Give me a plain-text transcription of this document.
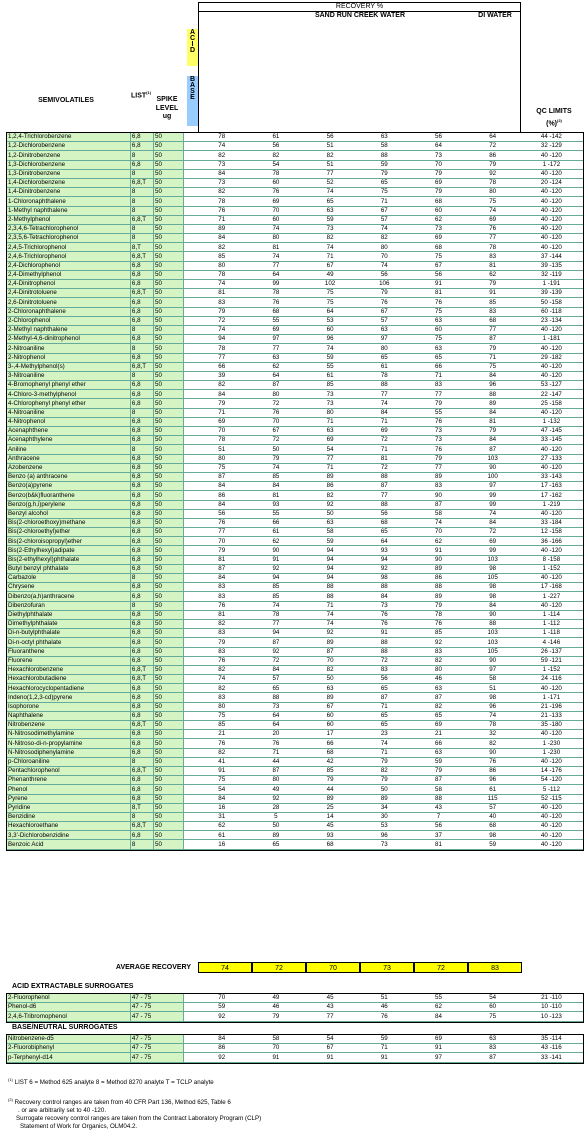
RECOVERY %
SAND RUN CREEK WATER	DI WATER
ACID
BASE
SEMIVOLATILES
LIST$^{(1)}$
SPIKE
LEVEL
ug
QC LIMITS
(%)$^{(2)}$
1,2,4-Trichlorobenzene	6,8	50		78	61	56	63	56	64	44 -142
1,2-Dichlorobenzene	6,8	50		74	56	51	58	64	72	32 -129
1,2-Dinitrobenzene	8	50		82	82	82	88	73	86	40 -120
1,3-Dichlorobenzene	6,8	50		73	54	51	59	70	79	1 -172
1,3-Dinitrobenzene	8	50		84	78	77	79	79	92	40 -120
1,4-Dichlorobenzene	6,8,T	50		73	60	52	65	69	78	20 -124
1,4-Dinitrobenzene	8	50		82	76	74	75	79	80	40 -120
1-Chloronaphthalene	8	50		78	69	65	71	68	75	40 -120
1-Methyl naphthalene	8	50		76	70	63	67	60	74	40 -120
2-Methylphenol	6,8,T	50		71	60	59	57	62	69	40 -120
2,3,4,6-Tetrachlorophenol	8	50		89	74	73	74	73	76	40 -120
2,3,5,6-Tetrachlorophenol	8	50		84	80	82	82	69	77	40 -120
2,4,5-Trichlorophenol	8,T	50		82	81	74	80	68	78	40 -120
2,4,6-Trichlorophenol	6,8,T	50		85	74	71	70	75	83	37 -144
2,4-Dichlorophenol	6,8	50		80	77	67	74	67	81	39 -135
2,4-Dimethylphenol	6,8	50		78	64	49	56	56	62	32 -119
2,4-Dinitrophenol	6,8	50		74	99	102	106	91	79	1 -191
2,4-Dinitrotoluene	6,8,T	50		81	78	75	79	81	91	39 -139
2,6-Dinitrotoluene	6,8	50		83	76	75	76	76	85	50 -158
2-Chloronaphthalene	6,8	50		79	68	64	67	75	83	60 -118
2-Chlorophenol	6,8	50		72	55	53	57	63	68	23 -134
2-Methyl naphthalene	8	50		74	69	60	63	60	77	40 -120
2-Methyl-4,6-dinitrophenol	6,8	50		94	97	96	97	75	87	1 -181
2-Nitroaniline	8	50		78	77	74	80	63	79	40 -120
2-Nitrophenol	6,8	50		77	63	59	65	65	71	29 -182
3-,4-Methylphenol(s)	6,8,T	50		66	62	55	61	66	75	40 -120
3-Nitroaniline	8	50		39	64	61	78	71	84	40 -120
4-Bromophenyl phenyl ether	6,8	50		82	87	85	88	83	96	53 -127
4-Chloro-3-methylphenol	6,8	50		84	80	73	77	77	88	22 -147
4-Chlorophenyl phenyl ether	6,8	50		79	72	73	74	79	89	25 -158
4-Nitroaniline	8	50		71	76	80	84	55	84	40 -120
4-Nitrophenol	6,8	50		69	70	71	71	76	81	1 -132
Acenaphthene	6,8	50		70	67	63	69	73	79	47 -145
Acenaphthylene	6,8	50		78	72	69	72	73	84	33 -145
Aniline	8	50		51	50	54	71	76	87	40 -120
Anthracene	6,8	50		80	79	77	81	79	103	27 -133
Azobenzene	6,8	50		75	74	71	72	77	90	40 -120
Benzo (a) anthracene	6,8	50		87	85	89	88	89	100	33 -143
Benzo(a)pyrene	6,8	50		84	84	86	87	83	97	17 -163
Benzo(b&k)fluoranthene	6,8	50		86	81	82	77	90	99	17 -162
Benzo(g,h,i)perylene	6,8	50		84	93	92	88	87	99	1 -219
Benzyl alcohol	6,8	50		56	55	50	56	58	74	40 -120
Bis(2-chloroethoxy)methane	6,8	50		76	66	63	68	74	84	33 -184
Bis(2-chloroethyl)ether	6,8	50		77	61	58	65	70	72	12 -158
Bis(2-chloroisopropyl)ether	6,8	50		70	62	59	64	62	69	36 -166
Bis(2-Ethylhexyl)adipate	6,8	50		79	90	94	93	91	99	40 -120
Bis(2-ethylhexyl)phthalate	6,8	50		81	91	94	94	90	103	8 -158
Butyl benzyl phthalate	6,8	50		87	92	94	92	89	98	1 -152
Carbazole	8	50		84	94	94	98	86	105	40 -120
Chrysene	6,8	50		83	85	88	88	88	98	17 -168
Dibenzo(a,h)anthracene	6,8	50		83	85	88	84	89	98	1 -227
Dibenzofuran	8	50		76	74	71	73	79	84	40 -120
Diethylphthalate	6,8	50		81	78	74	76	78	90	1 -114
Dimethylphthalate	6,8	50		82	77	74	76	76	88	1 -112
Di-n-butylphthalate	6,8	50		83	94	92	91	85	103	1 -118
Di-n-octyl phthalate	6,8	50		79	87	89	88	92	103	4 -146
Fluoranthene	6,8	50		83	92	87	88	83	105	26 -137
Fluorene	6,8	50		76	72	70	72	82	90	59 -121
Hexachlorobenzene	6,8,T	50		82	84	82	83	80	97	1 -152
Hexachlorobutadiene	6,8,T	50		74	57	50	56	46	58	24 -116
Hexachlorocyclopentadiene	6,8	50		82	65	63	65	63	51	40 -120
Indeno(1,2,3-cd)pyrene	6,8	50		83	88	89	87	87	98	1 -171
Isophorone	6,8	50		80	73	67	71	82	96	21 -196
Naphthalene	6,8	50		75	64	60	65	65	74	21 -133
Nitrobenzene	6,8,T	50		85	64	60	65	69	78	35 -180
N-Nitrosodimethylamine	6,8	50		21	20	17	23	21	32	40 -120
N-Nitroso-di-n-propylamine	6,8	50		76	76	66	74	66	82	1 -230
N-Nitrosodiphenylamine	6,8	50		82	71	68	71	63	90	1 -230
p-Chloroaniline	8	50		41	44	42	79	59	76	40 -120
Pentachlorophenol	6,8,T	50		91	87	85	82	79	86	14 -176
Phenanthrene	6,8	50		75	80	79	79	87	96	54 -120
Phenol	6,8	50		54	49	44	50	58	61	5 -112
Pyrene	6,8	50		84	92	89	89	88	115	52 -115
Pyridine	8,T	50		16	28	25	34	43	57	40 -120
Benzidine	8	50		31	5	14	30	7	40	40 -120
Hexachloroethane	6,8,T	50		62	50	45	53	56	68	40 -120
3,3'-Dichlorobenzidine	6,8	50		61	89	93	96	37	98	40 -120
Benzoic Acid	8	50		16	65	68	73	81	59	40 -120
AVERAGE RECOVERY	74	72	70	73	72	83
ACID EXTRACTABLE SURROGATES
2-Fluorophenol	47 - 75		70	49	45	51	55	54	21 -110
Phenol-d6	47 - 75		59	46	43	46	62	60	10 -110
2,4,6-Tribromophenol	47 - 75		92	79	77	76	84	75	10 -123
BASE/NEUTRAL SURROGATES
Nitrobenzene-d5	47 - 75		84	58	54	59	69	63	35 -114
2-Fluorobiphenyl	47 - 75		86	70	67	71	91	83	43 -116
p-Terphenyl-d14	47 - 75		92	91	91	91	97	87	33 -141
$^{(1)}$ LIST 6 = Method 625 analyte 8 = Method 8270 analyte T = TCLP analyte
$^{(2)}$ Recovery control ranges are taken from 40 CFR Part 136, Method 625, Table 6
. or are arbitrarily set to 40 -120.
Surrogate recovery control ranges are taken from the Contract Laboratory Program (CLP)
Statement of Work for Organics, OLM04.2.
